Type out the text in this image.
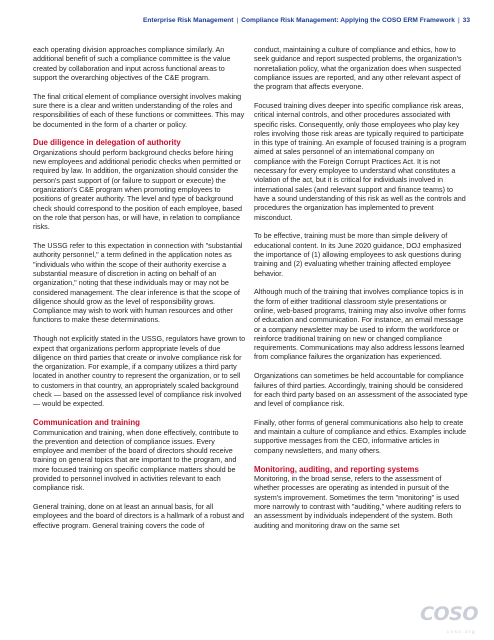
Enterprise Risk Management | Compliance Risk Management: Applying the COSO ERM Framework | 33

each operating division approaches compliance similarly. An additional benefit of such a compliance committee is the value created by collaboration and input across functional areas to support the overarching objectives of the C&E program.

The final critical element of compliance oversight involves making sure there is a clear and written understanding of the roles and responsibilities of each of these functions or committees. This may be documented in the form of a charter or policy.

Due diligence in delegation of authority

Organizations should perform background checks before hiring new employees and additional periodic checks when permitted or required by law. In addition, the organization should consider the person's past support of (or failure to support or execute) the organization's C&E program when promoting employees to positions of greater authority. The level and type of background check should correspond to the position of each employee, based on the role that person has, or will have, in relation to compliance risks.

The USSG refer to this expectation in connection with "substantial authority personnel," a term defined in the application notes as "individuals who within the scope of their authority exercise a substantial measure of discretion in acting on behalf of an organization," noting that these individuals may or may not be considered management. The clear inference is that the scope of diligence should grow as the level of responsibility grows. Compliance may wish to work with human resources and other functions to make these determinations.

Though not explicitly stated in the USSG, regulators have grown to expect that organizations perform appropriate levels of due diligence on third parties that create or involve compliance risk for the organization. For example, if a company utilizes a third party located in another country to represent the organization, or to sell to customers in that country, an appropriately scaled background check — based on the assessed level of compliance risk involved — would be expected.

Communication and training

Communication and training, when done effectively, contribute to the prevention and detection of compliance issues. Every employee and member of the board of directors should receive training on general topics that are important to the program, and more focused training on specific compliance matters should be provided to personnel involved in activities relevant to each compliance risk.

General training, done on at least an annual basis, for all employees and the board of directors is a hallmark of a robust and effective program. General training covers the code of

conduct, maintaining a culture of compliance and ethics, how to seek guidance and report suspected problems, the organization's nonretaliation policy, what the organization does when suspected compliance issues are reported, and any other relevant aspect of the program that affects everyone.

Focused training dives deeper into specific compliance risk areas, critical internal controls, and other procedures associated with specific risks. Consequently, only those employees who play key roles involving those risk areas are typically required to participate in this type of training. An example of focused training is a program aimed at sales personnel of an international company on compliance with the Foreign Corrupt Practices Act. It is not necessary for every employee to understand what constitutes a violation of the act, but it is critical for individuals involved in international sales (and relevant support and finance teams) to have a sound understanding of this risk as well as the controls and procedures the organization has implemented to prevent misconduct.

To be effective, training must be more than simple delivery of educational content. In its June 2020 guidance, DOJ emphasized the importance of (1) allowing employees to ask questions during training and (2) evaluating whether training affected employee behavior.

Although much of the training that involves compliance topics is in the form of either traditional classroom style presentations or online, web-based programs, training may also involve other forms of education and communication. For instance, an email message or a company newsletter may be used to inform the workforce or reinforce traditional training on new or changed compliance requirements. Communications may also address lessons learned from compliance failures the organization has experienced.

Organizations can sometimes be held accountable for compliance failures of third parties. Accordingly, training should be considered for each third party based on an assessment of the associated type and level of compliance risk.

Finally, other forms of general communications also help to create and maintain a culture of compliance and ethics. Examples include supportive messages from the CEO, informative articles in company newsletters, and many others.

Monitoring, auditing, and reporting systems

Monitoring, in the broad sense, refers to the assessment of whether processes are operating as intended in pursuit of the system's improvement. Sometimes the term "monitoring" is used more narrowly to contrast with "auditing," where auditing refers to an assessment by individuals independent of the system. Both auditing and monitoring draw on the same set

COSO
coso.org
